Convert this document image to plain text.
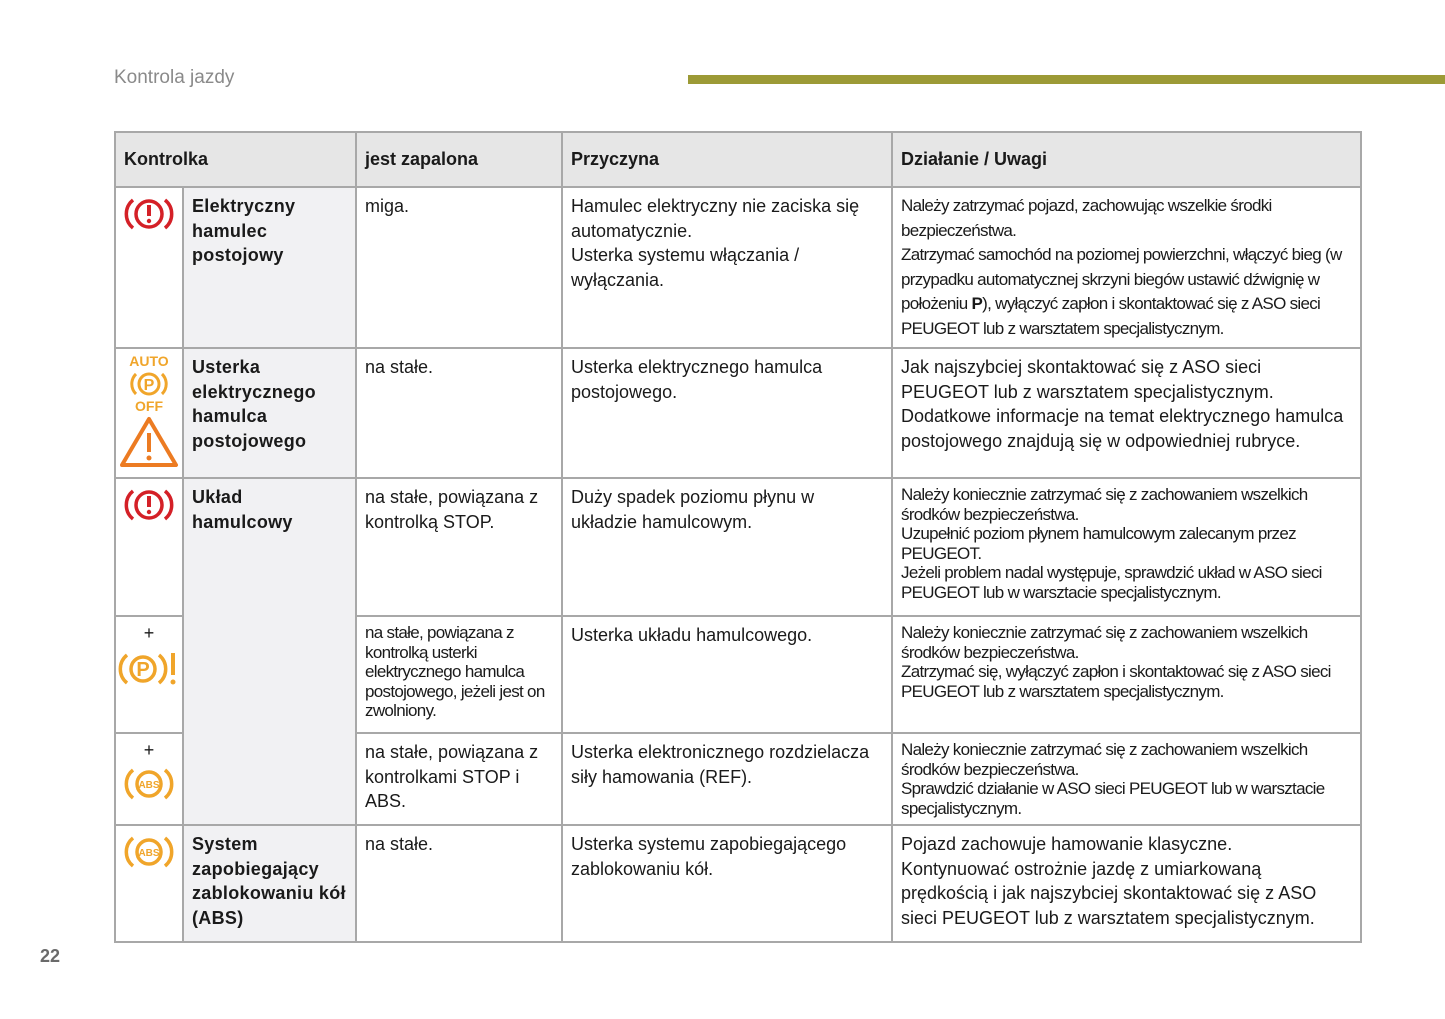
Kontrola jazdy
Kontrolka		jest zapalona	Przyczyna	Działanie / Uwagi

	Elektryczny hamulec postojowy	miga.	Hamulec elektryczny nie zaciska się automatycznie.
Usterka systemu włączania / wyłączania.	Należy zatrzymać pojazd, zachowując wszelkie środki bezpieczeństwa.
Zatrzymać samochód na poziomej powierzchni, włączyć bieg (w przypadku automatycznej skrzyni biegów ustawić dźwignię w położeniu P), wyłączyć zapłon i skontaktować się z ASO sieci PEUGEOT lub z warsztatem specjalistycznym.

AUTO
P
OFF	Usterka elektrycznego hamulca postojowego	na stałe.	Usterka elektrycznego hamulca postojowego.	Jak najszybciej skontaktować się z ASO sieci PEUGEOT lub z warsztatem specjalistycznym.
Dodatkowe informacje na temat elektrycznego hamulca postojowego znajdują się w odpowiedniej rubryce.

	Układ hamulcowy	na stałe, powiązana z kontrolką STOP.	Duży spadek poziomu płynu w układzie hamulcowym.	Należy koniecznie zatrzymać się z zachowaniem wszelkich środków bezpieczeństwa.
Uzupełnić poziom płynem hamulcowym zalecanym przez PEUGEOT.
Jeżeli problem nadal występuje, sprawdzić układ w ASO sieci PEUGEOT lub w warsztacie specjalistycznym.

+
P		na stałe, powiązana z kontrolką usterki elektrycznego hamulca postojowego, jeżeli jest on zwolniony.	Usterka układu hamulcowego.	Należy koniecznie zatrzymać się z zachowaniem wszelkich środków bezpieczeństwa.
Zatrzymać się, wyłączyć zapłon i skontaktować się z ASO sieci PEUGEOT lub z warsztatem specjalistycznym.

+
ABS		na stałe, powiązana z kontrolkami STOP i ABS.	Usterka elektronicznego rozdzielacza siły hamowania (REF).	Należy koniecznie zatrzymać się z zachowaniem wszelkich środków bezpieczeństwa.
Sprawdzić działanie w ASO sieci PEUGEOT lub w warsztacie specjalistycznym.

ABS	System zapobiegający zablokowaniu kół (ABS)	na stałe.	Usterka systemu zapobiegającego zablokowaniu kół.	Pojazd zachowuje hamowanie klasyczne.
Kontynuować ostrożnie jazdę z umiarkowaną prędkością i jak najszybciej skontaktować się z ASO sieci PEUGEOT lub z warsztatem specjalistycznym.
22
